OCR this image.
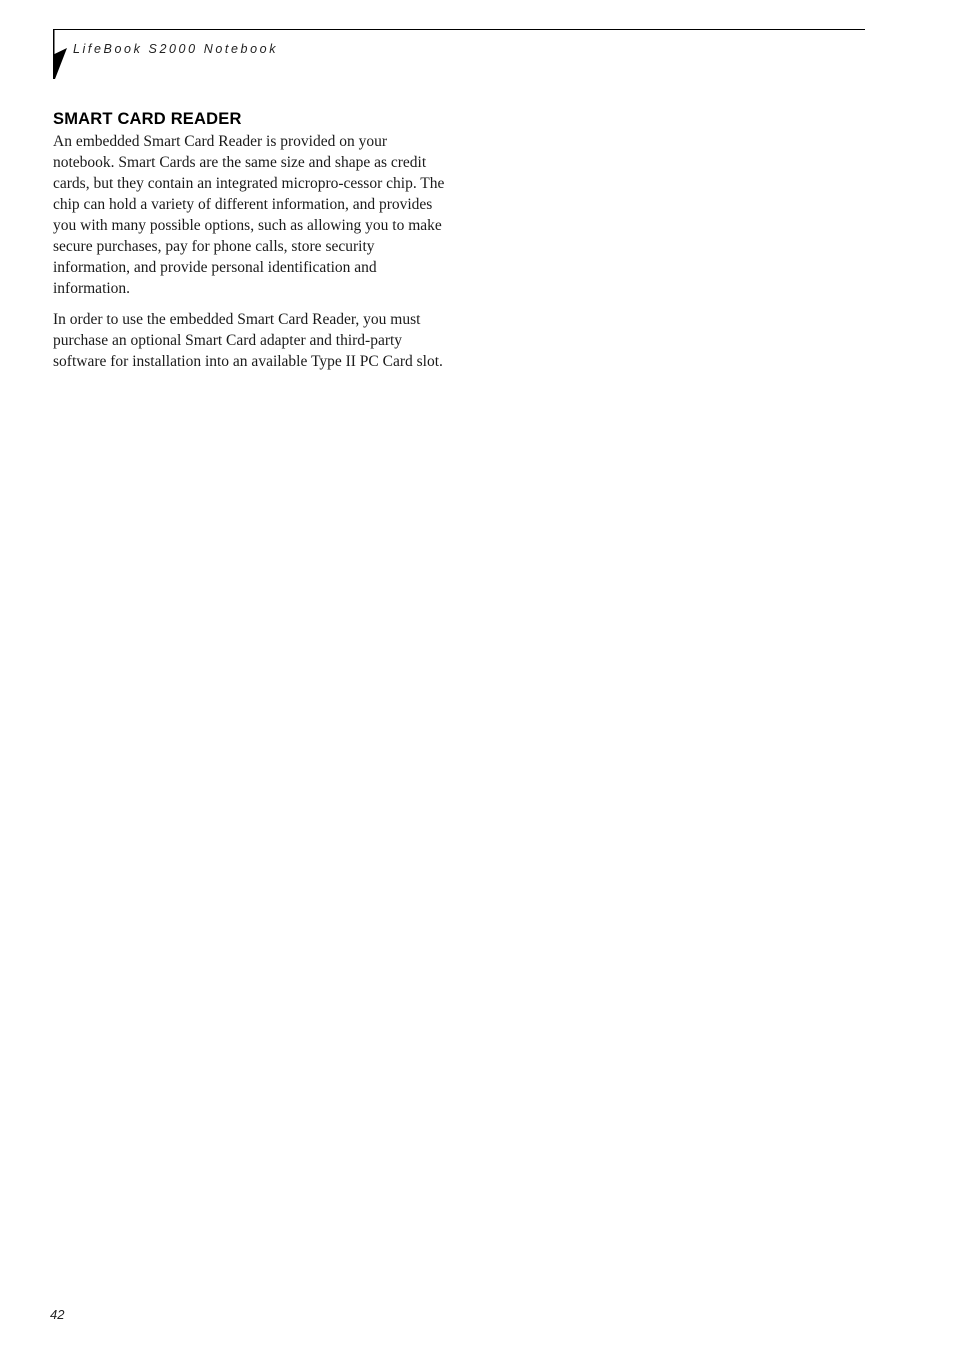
LifeBook S2000 Notebook
SMART CARD READER

An embedded Smart Card Reader is provided on your notebook. Smart Cards are the same size and shape as credit cards, but they contain an integrated micropro-cessor chip. The chip can hold a variety of different information, and provides you with many possible options, such as allowing you to make secure purchases, pay for phone calls, store security information, and provide personal identification and information.

In order to use the embedded Smart Card Reader, you must purchase an optional Smart Card adapter and third-party software for installation into an available Type II PC Card slot.

42
